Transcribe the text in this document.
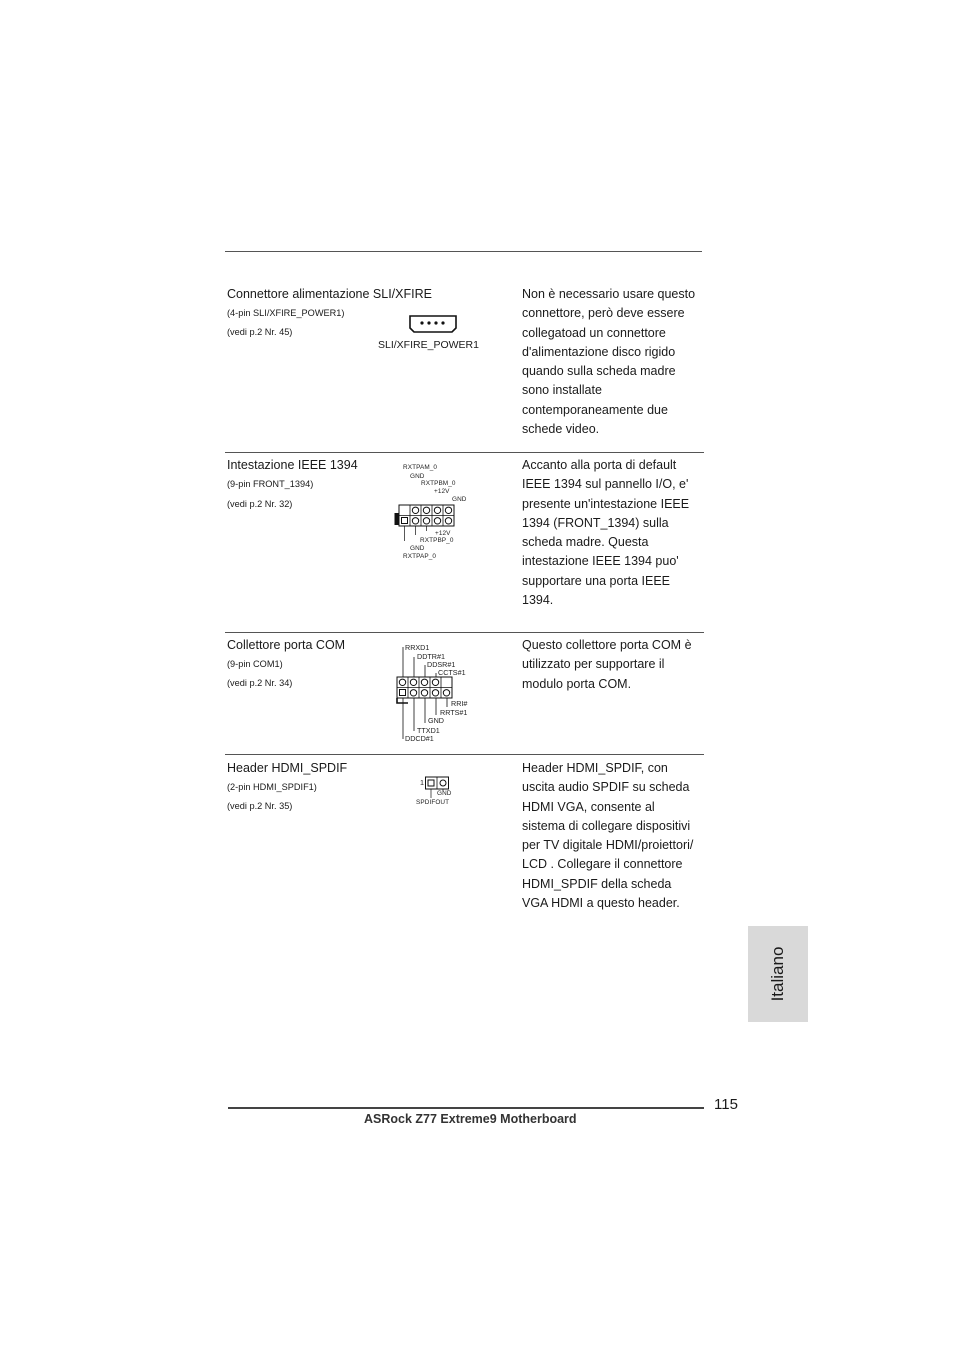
Connettore alimentazione SLI/XFIRE
(4-pin SLI/XFIRE_POWER1)
(vedi p.2 Nr. 45)
SLI/XFIRE_POWER1
Non è necessario usare questo
connettore, però deve essere
collegatoad un connettore
d'alimentazione disco rigido
quando sulla scheda madre
sono installate
contemporaneamente due
schede video.
Intestazione IEEE 1394
(9-pin FRONT_1394)
(vedi p.2 Nr. 32)
RXTPAM_0
GND
RXTPBM_0
+12V
GND
+12V
RXTPBP_0
GND
RXTPAP_0
Accanto alla porta di default
IEEE 1394 sul pannello I/O, e'
presente un'intestazione IEEE
1394 (FRONT_1394) sulla
scheda madre. Questa
intestazione IEEE 1394 puo'
supportare una porta IEEE
1394.
Collettore porta COM
(9-pin COM1)
(vedi p.2 Nr. 34)
RRXD1
DDTR#1
DDSR#1
CCTS#1
RRI#
RRTS#1
GND
TTXD1
DDCD#1
Questo collettore porta COM è
utilizzato per supportare il
modulo porta COM.
Header HDMI_SPDIF
(2-pin HDMI_SPDIF1)
(vedi p.2 Nr. 35)
1
GND
SPDIFOUT
Header HDMI_SPDIF, con
uscita audio SPDIF su scheda
HDMI VGA, consente al
sistema di collegare dispositivi
per TV digitale HDMI/proiettori/
LCD . Collegare il connettore
HDMI_SPDIF della scheda
VGA HDMI a questo header.
Italiano
115
ASRock Z77 Extreme9 Motherboard
